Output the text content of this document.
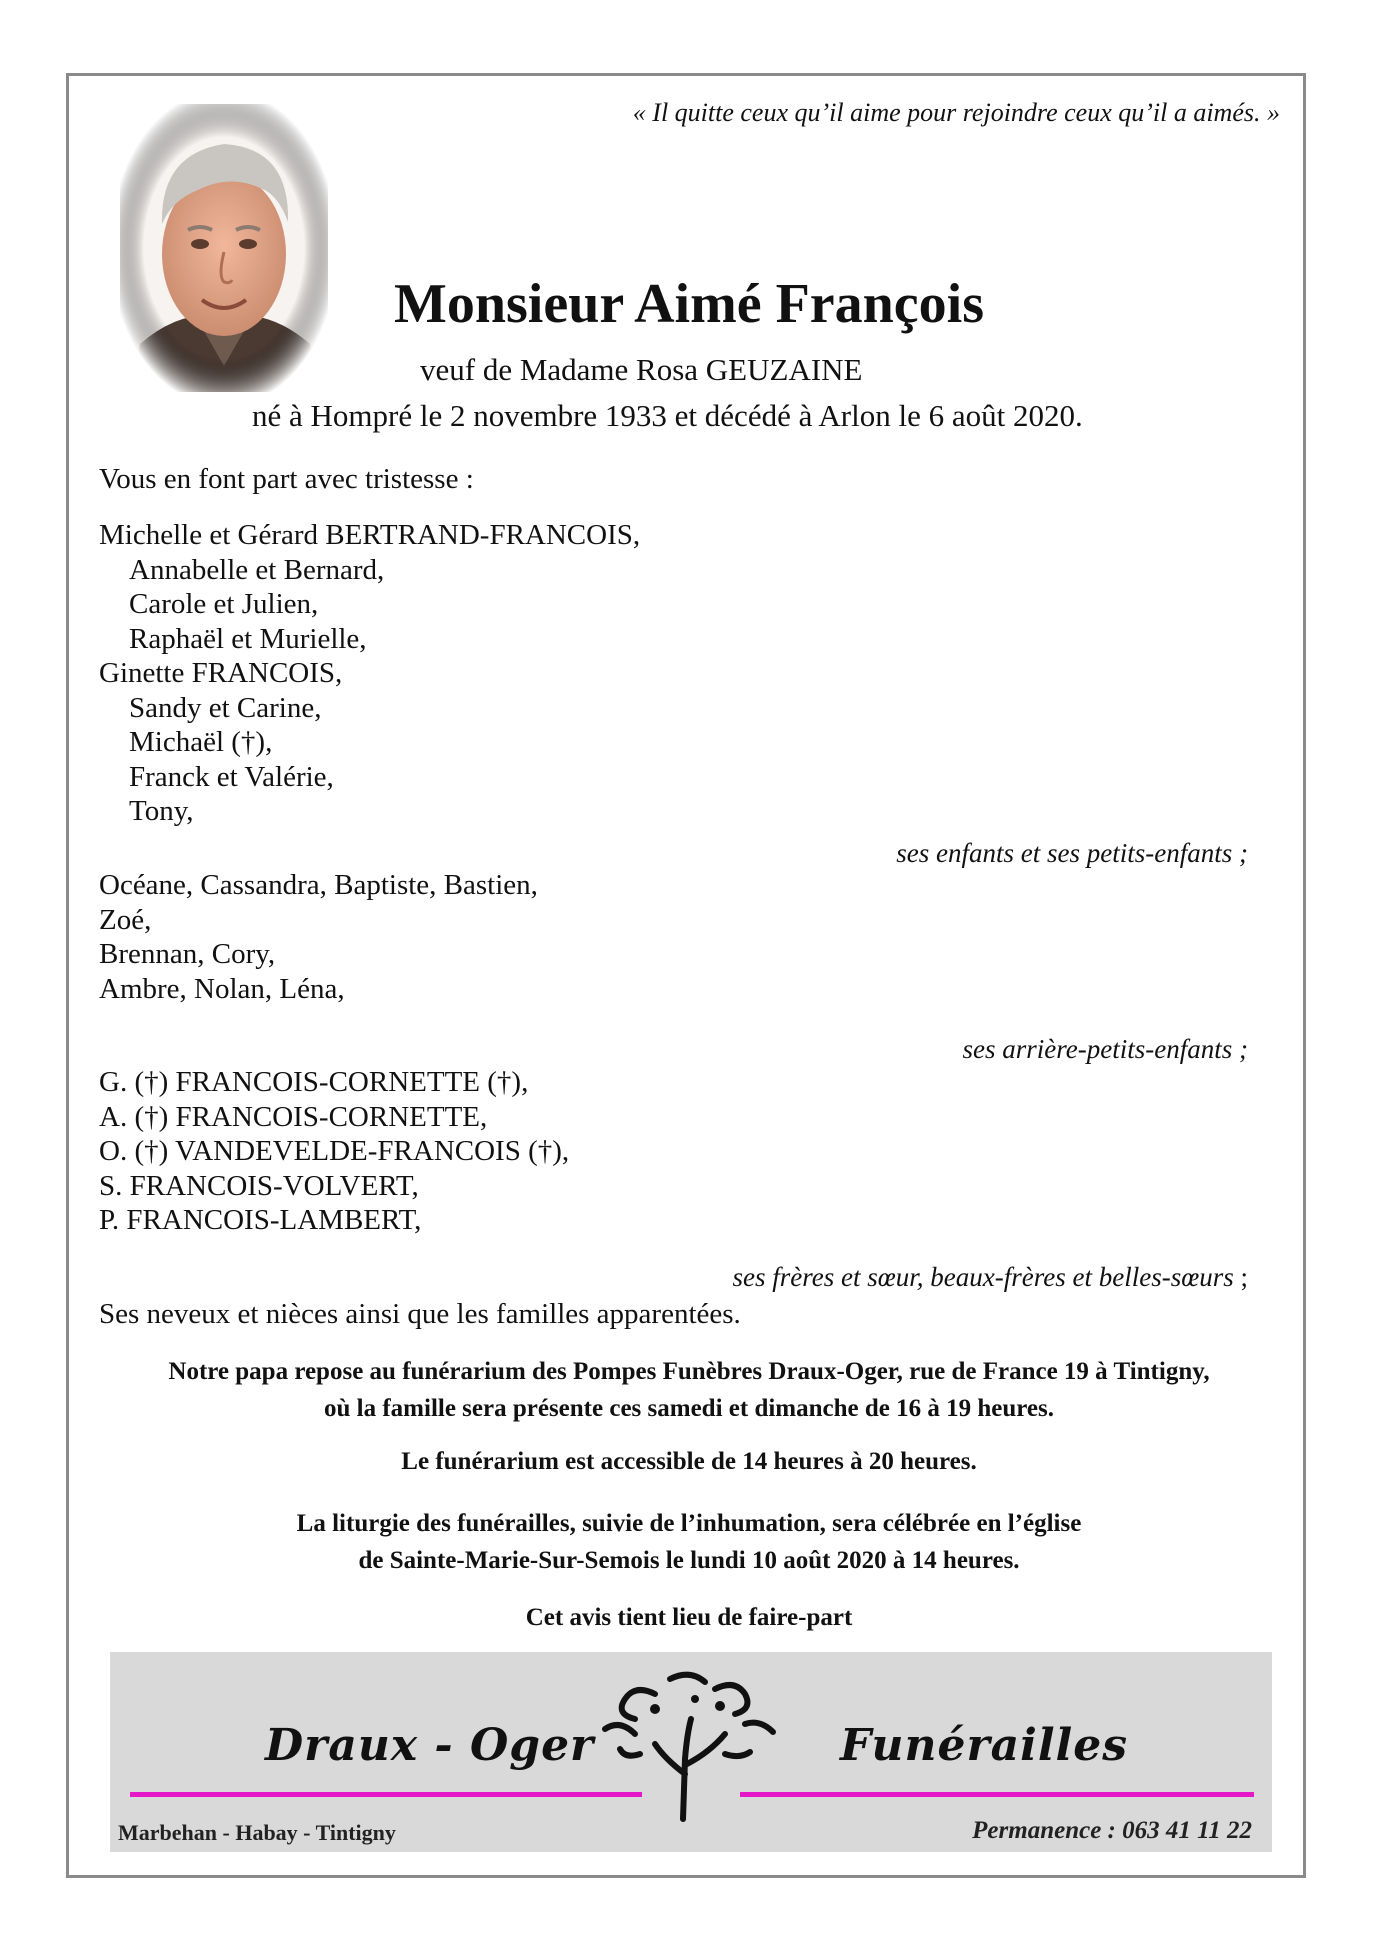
« Il quitte ceux qu’il aime pour rejoindre ceux qu’il a aimés. »
Monsieur Aimé François
veuf de Madame Rosa GEUZAINE
né à Hompré le 2 novembre 1933 et décédé à Arlon le 6 août 2020.
Vous en font part avec tristesse :
Michelle et Gérard BERTRAND-FRANCOIS,
Annabelle et Bernard,
Carole et Julien,
Raphaël et Murielle,
Ginette FRANCOIS,
Sandy et Carine,
Michaël (†),
Franck et Valérie,
Tony,
ses enfants et ses petits-enfants ;
Océane, Cassandra, Baptiste, Bastien,
Zoé,
Brennan, Cory,
Ambre, Nolan, Léna,
ses arrière-petits-enfants ;
G. (†) FRANCOIS-CORNETTE (†),
A. (†) FRANCOIS-CORNETTE,
O. (†) VANDEVELDE-FRANCOIS (†),
S. FRANCOIS-VOLVERT,
P. FRANCOIS-LAMBERT,
ses frères et sœur, beaux-frères et belles-sœurs ;
Ses neveux et nièces ainsi que les familles apparentées.
Notre papa repose au funérarium des Pompes Funèbres Draux-Oger, rue de France 19 à Tintigny,
où la famille sera présente ces samedi et dimanche de 16 à 19 heures.
Le funérarium est accessible de 14 heures à 20 heures.
La liturgie des funérailles, suivie de l’inhumation, sera célébrée en l’église
de Sainte-Marie-Sur-Semois le lundi 10 août 2020 à 14 heures.
Cet avis tient lieu de faire-part
Draux - Oger	Funérailles
Marbehan - Habay - Tintigny	Permanence : 063 41 11 22
